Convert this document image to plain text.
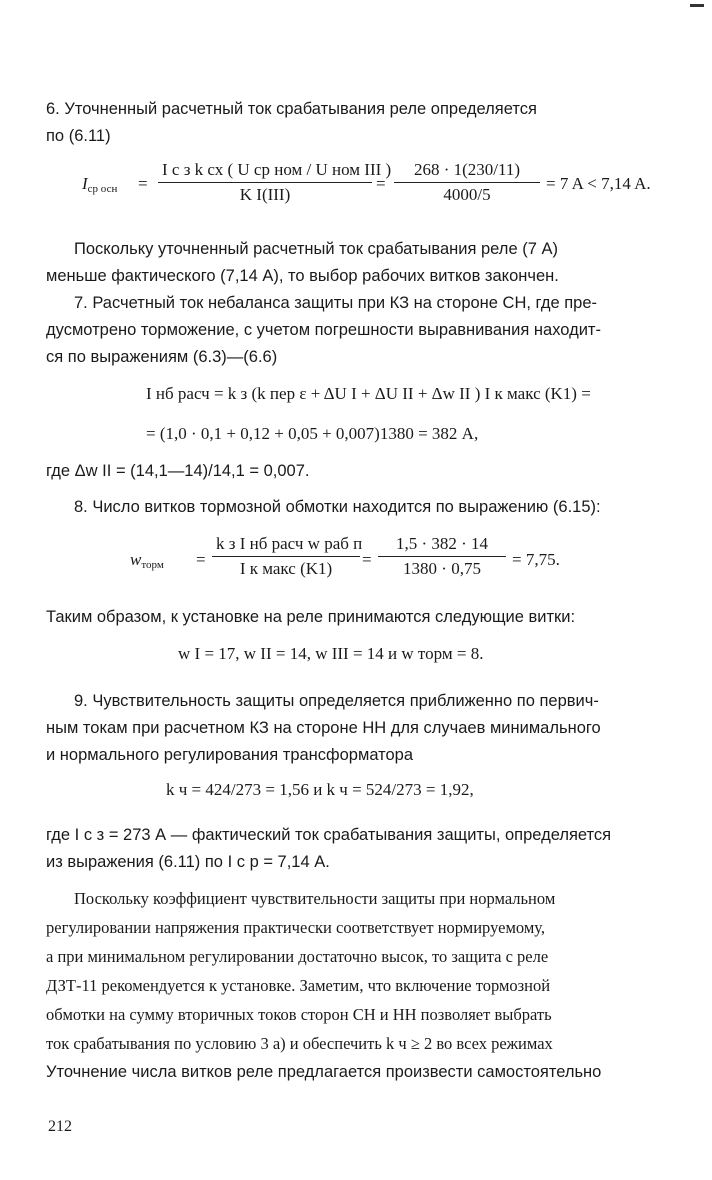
6. Уточненный расчетный ток срабатывания реле определяется
по (6.11)
$I_{ср осн}$ =
I c з k сх ( U ср ном / U ном III )
K I(III)
=
268 · 1(230/11)
4000/5
= 7 A < 7,14 A.
Поскольку уточненный расчетный ток срабатывания реле (7 А)
меньше фактического (7,14 А), то выбор рабочих витков закончен.
7. Расчетный ток небаланса защиты при КЗ на стороне СН, где пре-
дусмотрено торможение, с учетом погрешности выравнивания находит-
ся по выражениям (6.3)—(6.6)
I нб расч = k з (k пер ε + ΔU I + ΔU II + Δw II ) I к макс (K1) =
= (1,0 · 0,1 + 0,12 + 0,05 + 0,007)1380 = 382 А,
где Δw II = (14,1—14)/14,1 = 0,007.
8. Число витков тормозной обмотки находится по выражению (6.15):
$w_{торм}$ =
k з I нб расч w раб п
I к макс (K1)	=
1,5 · 382 · 14
1380 · 0,75	= 7,75.
Таким образом, к установке на реле принимаются следующие витки:
w I = 17, w II = 14, w III = 14 и w торм = 8.
9. Чувствительность защиты определяется приближенно по первич-
ным токам при расчетном КЗ на стороне НН для случаев минимального
и нормального регулирования трансформатора
k ч = 424/273 = 1,56 и k ч = 524/273 = 1,92,
где I с з = 273 А — фактический ток срабатывания защиты, определяется
из выражения (6.11) по I с р = 7,14 А.
Поскольку коэффициент чувствительности защиты при нормальном
регулировании напряжения практически соответствует нормируемому,
а при минимальном регулировании достаточно высок, то защита с реле
ДЗТ-11 рекомендуется к установке. Заметим, что включение тормозной
обмотки на сумму вторичных токов сторон СН и НН позволяет выбрать
ток срабатывания по условию 3 а) и обеспечить k ч ≥ 2 во всех режимах
Уточнение числа витков реле предлагается произвести самостоятельно
212
